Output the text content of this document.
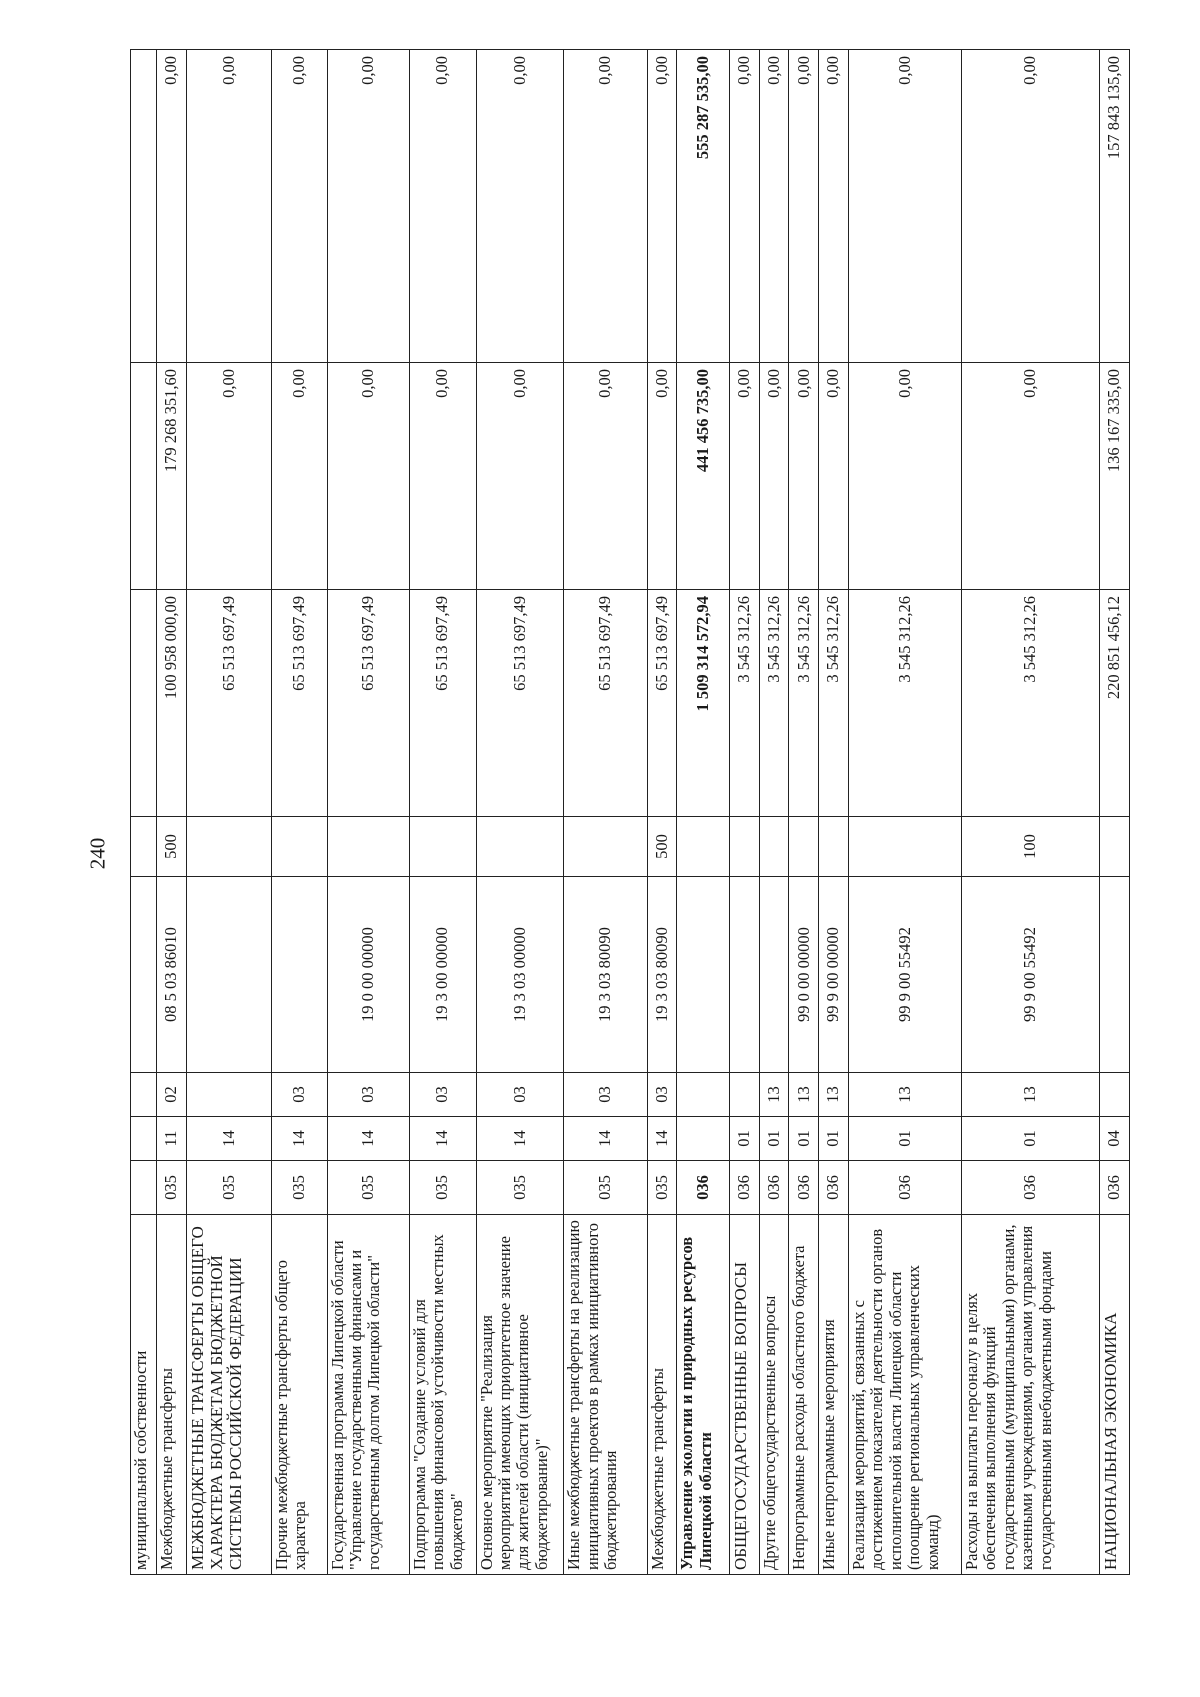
240
муниципальной собственности								
Межбюджетные трансферты	035	11	02	08 5 03 86010	500	100 958 000,00	179 268 351,60	0,00
МЕЖБЮДЖЕТНЫЕ ТРАНСФЕРТЫ ОБЩЕГО ХАРАКТЕРА БЮДЖЕТАМ БЮДЖЕТНОЙ СИСТЕМЫ РОССИЙСКОЙ ФЕДЕРАЦИИ	035	14				65 513 697,49	0,00	0,00
Прочие межбюджетные трансферты общего характера	035	14	03			65 513 697,49	0,00	0,00
Государственная программа Липецкой области "Управление государственными финансами и государственным долгом Липецкой области"	035	14	03	19 0 00 00000		65 513 697,49	0,00	0,00
Подпрограмма "Создание условий для повышения финансовой устойчивости местных бюджетов"	035	14	03	19 3 00 00000		65 513 697,49	0,00	0,00
Основное мероприятие "Реализация мероприятий имеющих приоритетное значение для жителей области (инициативное бюджетирование)"	035	14	03	19 3 03 00000		65 513 697,49	0,00	0,00
Иные межбюджетные трансферты на реализацию инициативных проектов в рамках инициативного бюджетирования	035	14	03	19 3 03 80090		65 513 697,49	0,00	0,00
Межбюджетные трансферты	035	14	03	19 3 03 80090	500	65 513 697,49	0,00	0,00
Управление экологии и природных ресурсов Липецкой области	036					1 509 314 572,94	441 456 735,00	555 287 535,00
ОБЩЕГОСУДАРСТВЕННЫЕ ВОПРОСЫ	036	01				3 545 312,26	0,00	0,00
Другие общегосударственные вопросы	036	01	13			3 545 312,26	0,00	0,00
Непрограммные расходы областного бюджета	036	01	13	99 0 00 00000		3 545 312,26	0,00	0,00
Иные непрограммные мероприятия	036	01	13	99 9 00 00000		3 545 312,26	0,00	0,00
Реализация мероприятий, связанных с достижением показателей деятельности органов исполнительной власти Липецкой области (поощрение региональных управленческих команд)	036	01	13	99 9 00 55492		3 545 312,26	0,00	0,00
Расходы на выплаты персоналу в целях обеспечения выполнения функций государственными (муниципальными) органами, казенными учреждениями, органами управления государственными внебюджетными фондами	036	01	13	99 9 00 55492	100	3 545 312,26	0,00	0,00
НАЦИОНАЛЬНАЯ ЭКОНОМИКА	036	04				220 851 456,12	136 167 335,00	157 843 135,00
